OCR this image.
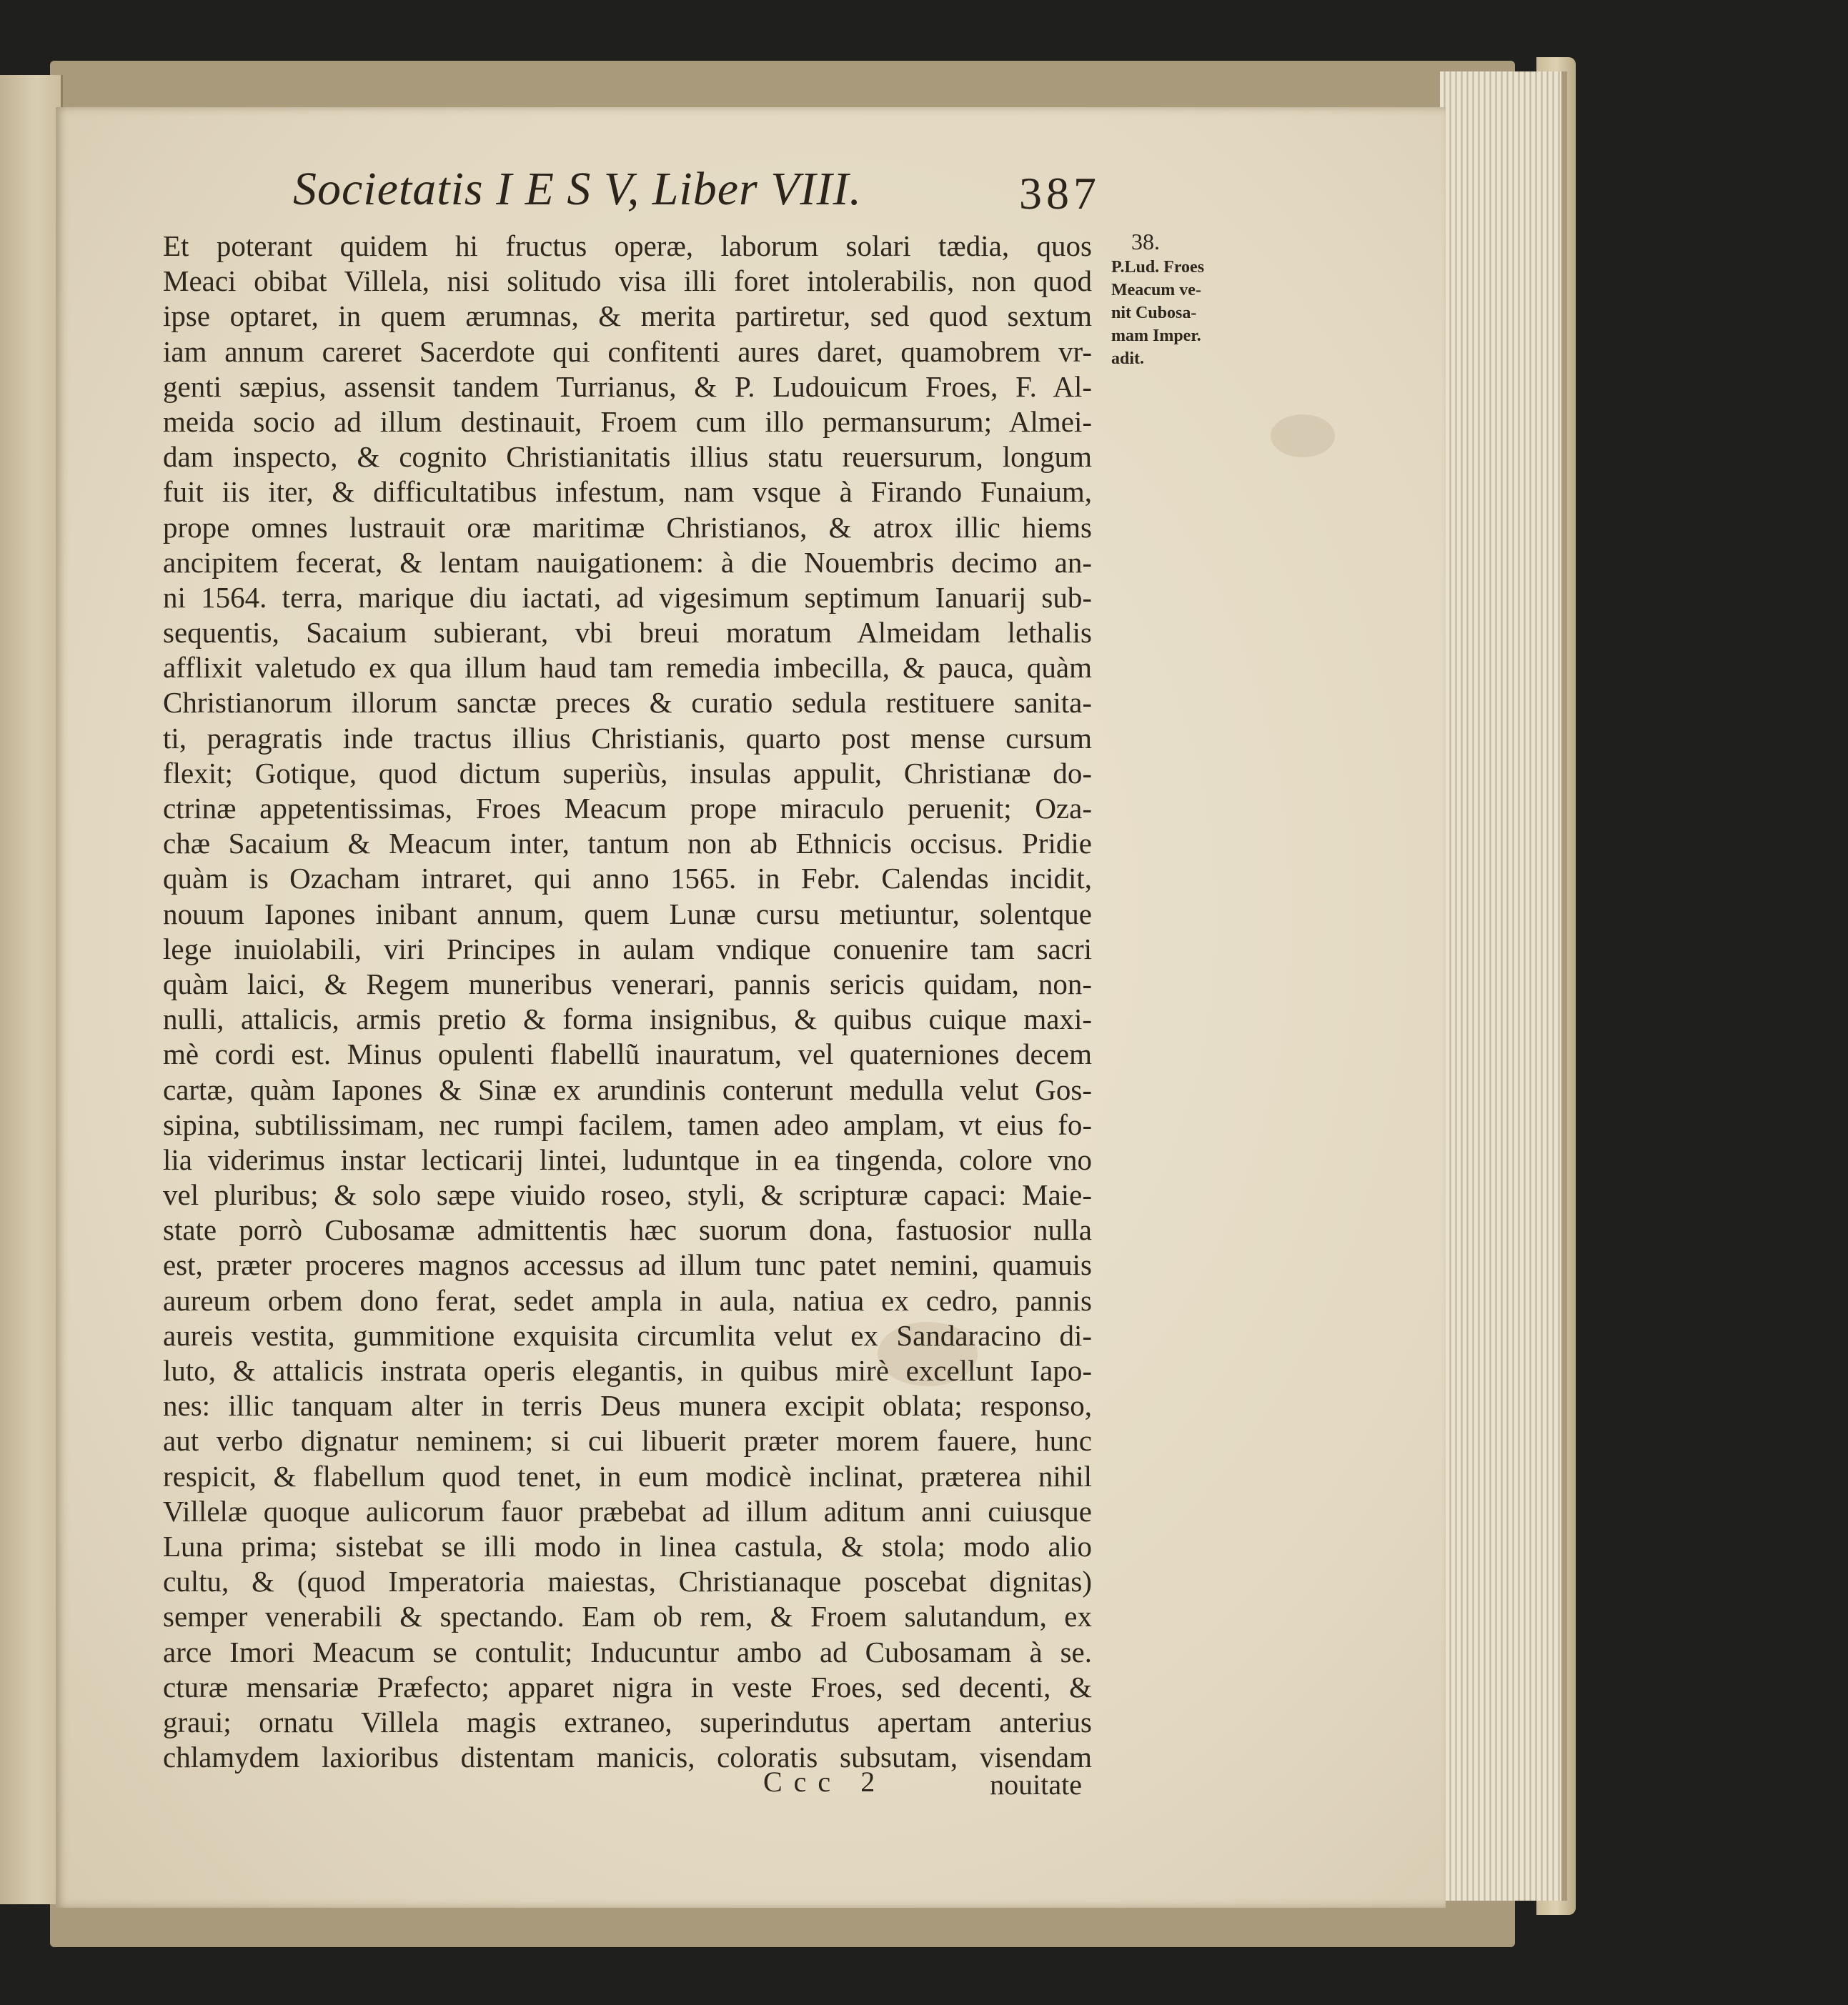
Societatis I E S V, Liber VIII.	387
Et poterant quidem hi fructus operæ, laborum solari tædia, quos
Meaci obibat Villela, nisi solitudo visa illi foret intolerabilis, non quod
ipse optaret, in quem ærumnas, & merita partiretur, sed quod sextum
iam annum careret Sacerdote qui confitenti aures daret, quamobrem vr-
genti sæpius, assensit tandem Turrianus, & P. Ludouicum Froes, F. Al-
meida socio ad illum destinauit, Froem cum illo permansurum; Almei-
dam inspecto, & cognito Christianitatis illius statu reuersurum, longum
fuit iis iter, & difficultatibus infestum, nam vsque à Firando Funaium,
prope omnes lustrauit oræ maritimæ Christianos, & atrox illic hiems
ancipitem fecerat, & lentam nauigationem: à die Nouembris decimo an-
ni 1564. terra, marique diu iactati, ad vigesimum septimum Ianuarij sub-
sequentis, Sacaium subierant, vbi breui moratum Almeidam lethalis
afflixit valetudo ex qua illum haud tam remedia imbecilla, & pauca, quàm
Christianorum illorum sanctæ preces & curatio sedula restituere sanita-
ti, peragratis inde tractus illius Christianis, quarto post mense cursum
flexit; Gotique, quod dictum superiùs, insulas appulit, Christianæ do-
ctrinæ appetentissimas, Froes Meacum prope miraculo peruenit; Oza-
chæ Sacaium & Meacum inter, tantum non ab Ethnicis occisus. Pridie
quàm is Ozacham intraret, qui anno 1565. in Febr. Calendas incidit,
nouum Iapones inibant annum, quem Lunæ cursu metiuntur, solentque
lege inuiolabili, viri Principes in aulam vndique conuenire tam sacri
quàm laici, & Regem muneribus venerari, pannis sericis quidam, non-
nulli, attalicis, armis pretio & forma insignibus, & quibus cuique maxi-
mè cordi est. Minus opulenti flabellũ inauratum, vel quaterniones decem
cartæ, quàm Iapones & Sinæ ex arundinis conterunt medulla velut Gos-
sipina, subtilissimam, nec rumpi facilem, tamen adeo amplam, vt eius fo-
lia viderimus instar lecticarij lintei, luduntque in ea tingenda, colore vno
vel pluribus; & solo sæpe viuido roseo, styli, & scripturæ capaci: Maie-
state porrò Cubosamæ admittentis hæc suorum dona, fastuosior nulla
est, præter proceres magnos accessus ad illum tunc patet nemini, quamuis
aureum orbem dono ferat, sedet ampla in aula, natiua ex cedro, pannis
aureis vestita, gummitione exquisita circumlita velut ex Sandaracino di-
luto, & attalicis instrata operis elegantis, in quibus mirè excellunt Iapo-
nes: illic tanquam alter in terris Deus munera excipit oblata; responso,
aut verbo dignatur neminem; si cui libuerit præter morem fauere, hunc
respicit, & flabellum quod tenet, in eum modicè inclinat, præterea nihil
Villelæ quoque aulicorum fauor præbebat ad illum aditum anni cuiusque
Luna prima; sistebat se illi modo in linea castula, & stola; modo alio
cultu, & (quod Imperatoria maiestas, Christianaque poscebat dignitas)
semper venerabili & spectando. Eam ob rem, & Froem salutandum, ex
arce Imori Meacum se contulit; Inducuntur ambo ad Cubosamam à se.
cturæ mensariæ Præfecto; apparet nigra in veste Froes, sed decenti, &
graui; ornatu Villela magis extraneo, superindutus apertam anterius
chlamydem laxioribus distentam manicis, coloratis subsutam, visendam
38.
P.Lud. Froes
Meacum ve-
nit Cubosa-
mam Imper.
adit.
Ccc 2	nouitate
